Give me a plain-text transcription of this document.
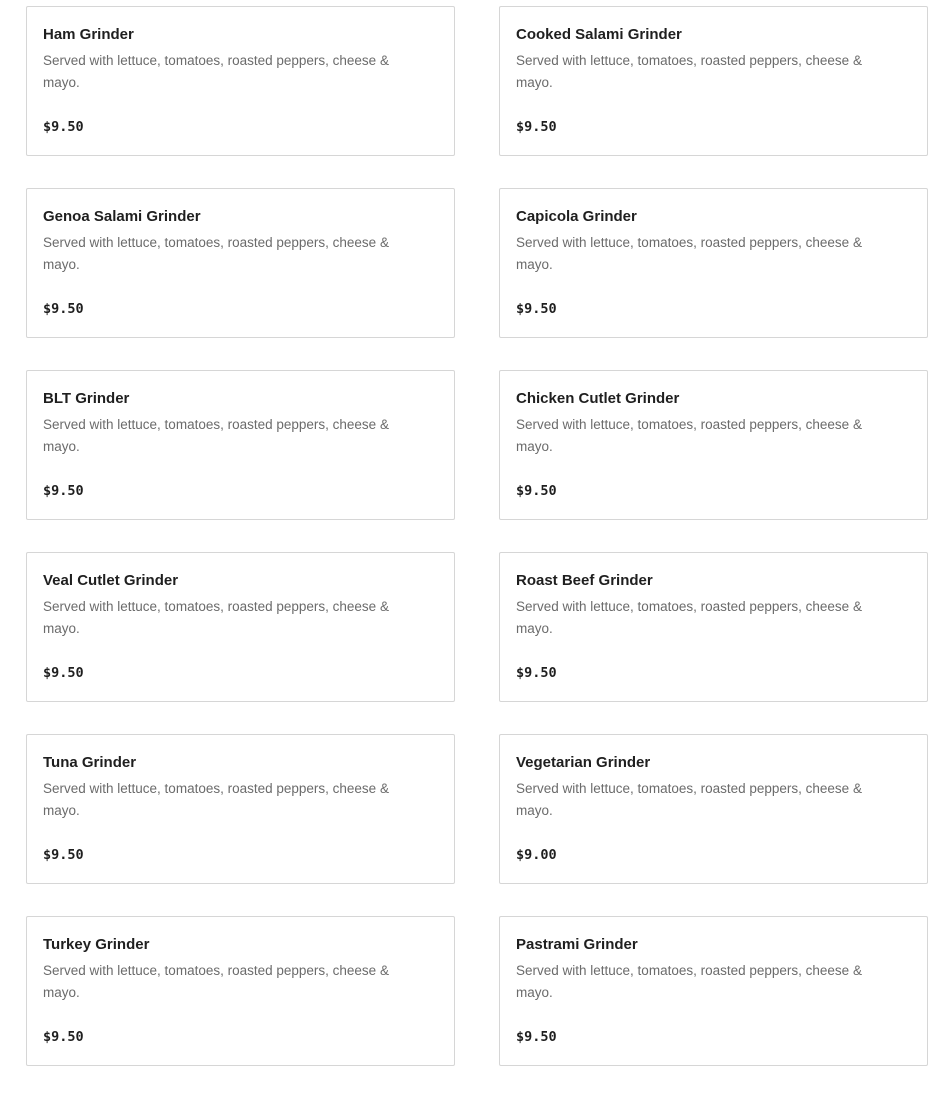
Ham Grinder
Served with lettuce, tomatoes, roasted peppers, cheese & mayo.
$9.50
Cooked Salami Grinder
Served with lettuce, tomatoes, roasted peppers, cheese & mayo.
$9.50
Genoa Salami Grinder
Served with lettuce, tomatoes, roasted peppers, cheese & mayo.
$9.50
Capicola Grinder
Served with lettuce, tomatoes, roasted peppers, cheese & mayo.
$9.50
BLT Grinder
Served with lettuce, tomatoes, roasted peppers, cheese & mayo.
$9.50
Chicken Cutlet Grinder
Served with lettuce, tomatoes, roasted peppers, cheese & mayo.
$9.50
Veal Cutlet Grinder
Served with lettuce, tomatoes, roasted peppers, cheese & mayo.
$9.50
Roast Beef Grinder
Served with lettuce, tomatoes, roasted peppers, cheese & mayo.
$9.50
Tuna Grinder
Served with lettuce, tomatoes, roasted peppers, cheese & mayo.
$9.50
Vegetarian Grinder
Served with lettuce, tomatoes, roasted peppers, cheese & mayo.
$9.00
Turkey Grinder
Served with lettuce, tomatoes, roasted peppers, cheese & mayo.
$9.50
Pastrami Grinder
Served with lettuce, tomatoes, roasted peppers, cheese & mayo.
$9.50
